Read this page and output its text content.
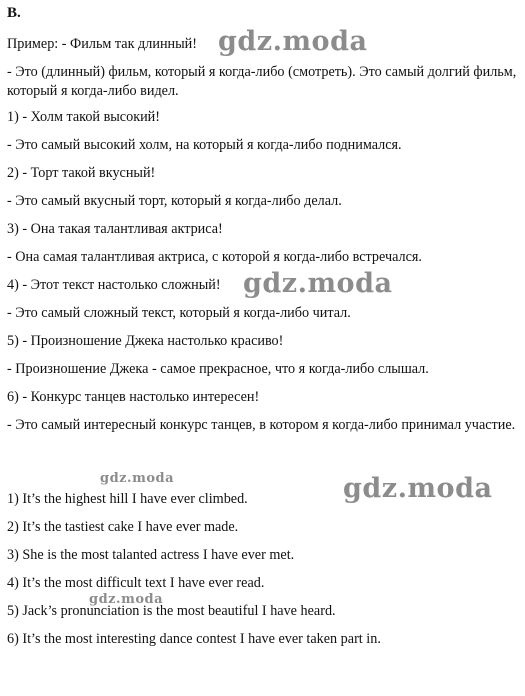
B.
Пример: - Фильм так длинный!
- Это (длинный) фильм, который я когда-либо (смотреть). Это самый долгий фильм, который я когда-либо видел.
1) - Холм такой высокий!
- Это самый высокий холм, на который я когда-либо поднимался.
2) - Торт такой вкусный!
- Это самый вкусный торт, который я когда-либо делал.
3) - Она такая талантливая актриса!
- Она самая талантливая актриса, с которой я когда-либо встречался.
4) - Этот текст настолько сложный!
- Это самый сложный текст, который я когда-либо читал.
5) - Произношение Джека настолько красиво!
- Произношение Джека - самое прекрасное, что я когда-либо слышал.
6) - Конкурс танцев настолько интересен!
- Это самый интересный конкурс танцев, в котором я когда-либо принимал участие.
1) It’s the highest hill I have ever climbed.
2) It’s the tastiest cake I have ever made.
3) She is the most talanted actress I have ever met.
4) It’s the most difficult text I have ever read.
5) Jack’s pronunciation is the most beautiful I have heard.
6) It’s the most interesting dance contest I have ever taken part in.
gdz.moda
gdz.moda
gdz.moda
gdz.moda
gdz.moda
